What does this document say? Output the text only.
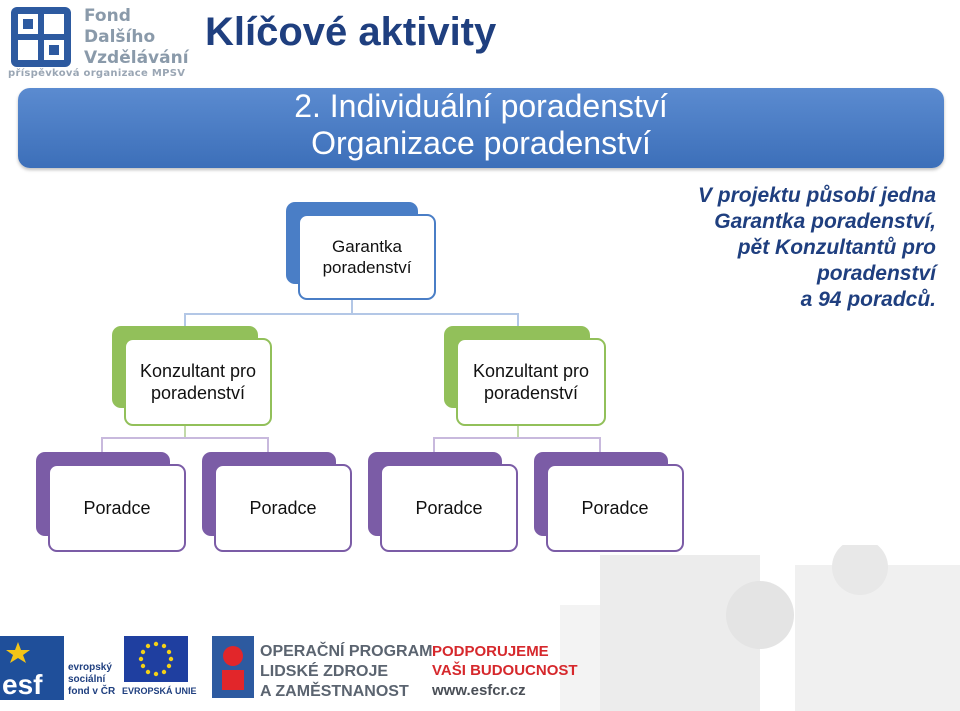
Fond
Dalšího
Vzdělávání
příspěvková organizace MPSV
Klíčové aktivity
2. Individuální poradenství
Organizace poradenství
V projektu působí jedna
Garantka poradenství,
pět Konzultantů pro
poradenství
a 94 poradců.
Garantka
poradenství
Konzultant pro
poradenství
Konzultant pro
poradenství
Poradce	Poradce	Poradce	Poradce
esf
evropský
sociální
fond v ČR EVROPSKÁ UNIE
OPERAČNÍ PROGRAM
LIDSKÉ ZDROJE
A ZAMĚSTNANOST
PODPORUJEME
VAŠI BUDOUCNOST
www.esfcr.cz
